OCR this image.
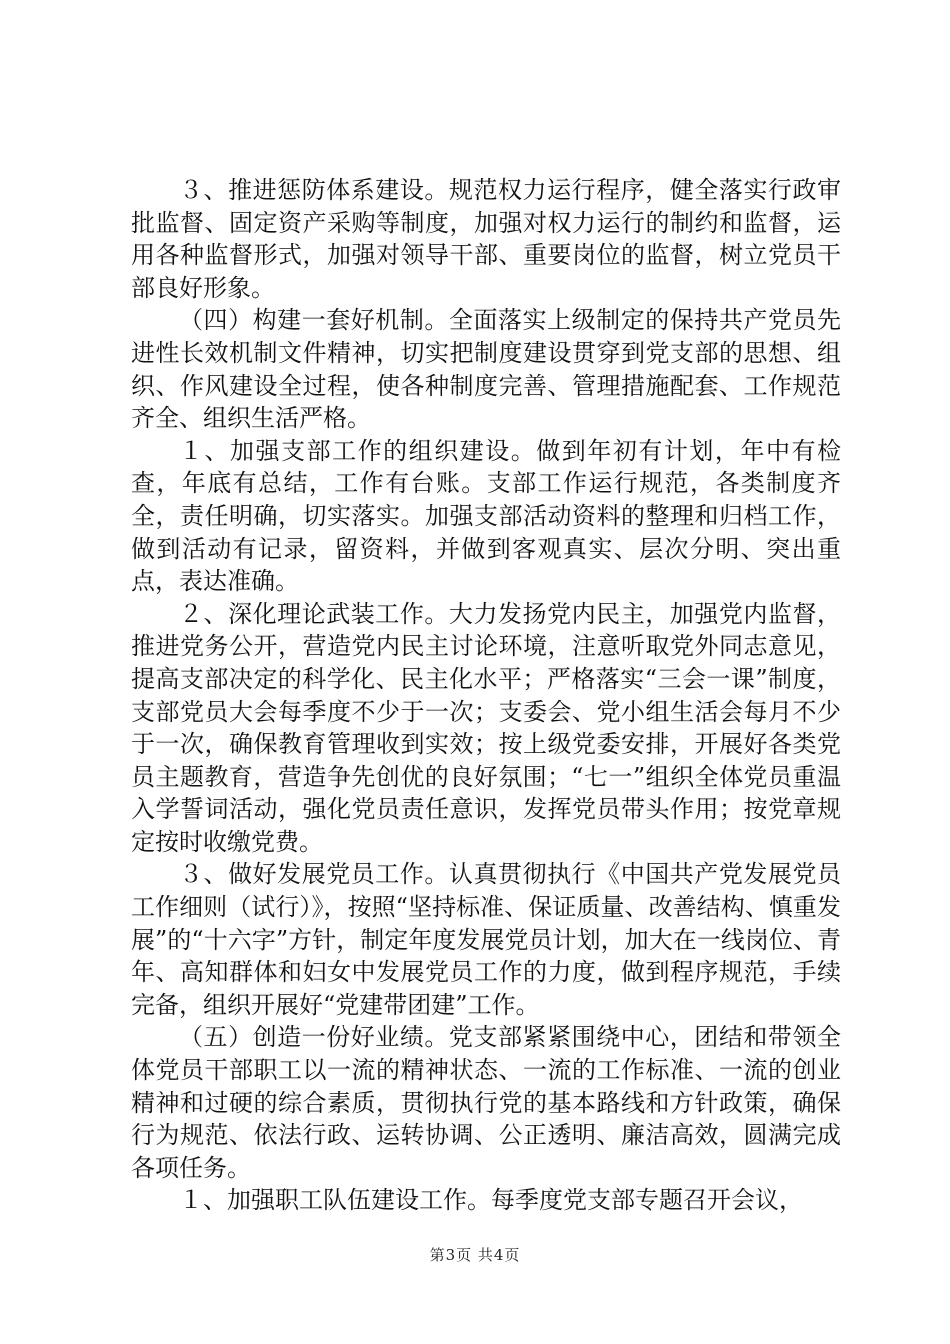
３、推进惩防体系建设。规范权力运行程序，健全落实行政审批监督、固定资产采购等制度，加强对权力运行的制约和监督，运用各种监督形式，加强对领导干部、重要岗位的监督，树立党员干部良好形象。

（四）构建一套好机制。全面落实上级制定的保持共产党员先进性长效机制文件精神，切实把制度建设贯穿到党支部的思想、组织、作风建设全过程，使各种制度完善、管理措施配套、工作规范齐全、组织生活严格。

１、加强支部工作的组织建设。做到年初有计划，年中有检查，年底有总结，工作有台账。支部工作运行规范，各类制度齐全，责任明确，切实落实。加强支部活动资料的整理和归档工作，做到活动有记录，留资料，并做到客观真实、层次分明、突出重点，表达准确。

２、深化理论武装工作。大力发扬党内民主，加强党内监督，推进党务公开，营造党内民主讨论环境，注意听取党外同志意见，提高支部决定的科学化、民主化水平；严格落实“三会一课”制度，支部党员大会每季度不少于一次；支委会、党小组生活会每月不少于一次，确保教育管理收到实效；按上级党委安排，开展好各类党员主题教育，营造争先创优的良好氛围；“七一”组织全体党员重温入学誓词活动，强化党员责任意识，发挥党员带头作用；按党章规定按时收缴党费。

３、做好发展党员工作。认真贯彻执行《中国共产党发展党员工作细则（试行）》，按照“坚持标准、保证质量、改善结构、慎重发展”的“十六字”方针，制定年度发展党员计划，加大在一线岗位、青年、高知群体和妇女中发展党员工作的力度，做到程序规范，手续完备，组织开展好“党建带团建”工作。

（五）创造一份好业绩。党支部紧紧围绕中心，团结和带领全体党员干部职工以一流的精神状态、一流的工作标准、一流的创业精神和过硬的综合素质，贯彻执行党的基本路线和方针政策，确保行为规范、依法行政、运转协调、公正透明、廉洁高效，圆满完成各项任务。

１、加强职工队伍建设工作。每季度党支部专题召开会议，

第3页 共4页
